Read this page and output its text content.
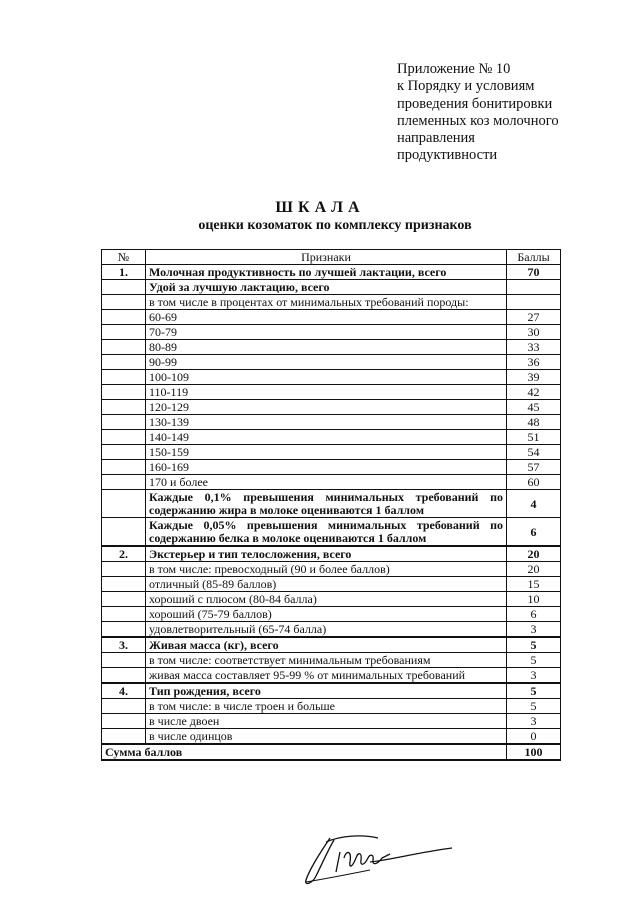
Приложение № 10
к Порядку и условиям
проведения бонитировки
племенных коз молочного
направления
продуктивности
ШКАЛА
оценки козоматок по комплексу признаков
№	Признаки	Баллы
1.	Молочная продуктивность по лучшей лактации, всего	70
	Удой за лучшую лактацию, всего	
	в том числе в процентах от минимальных требований породы:	
	60-69	27
	70-79	30
	80-89	33
	90-99	36
	100-109	39
	110-119	42
	120-129	45
	130-139	48
	140-149	51
	150-159	54
	160-169	57
	170 и более	60
	Каждые 0,1% превышения минимальных требований по содержанию жира в молоке оцениваются 1 баллом	4
	Каждые 0,05% превышения минимальных требований по содержанию белка в молоке оцениваются 1 баллом	6
2.	Экстерьер и тип телосложения, всего	20
	в том числе: превосходный (90 и более баллов)	20
	отличный (85-89 баллов)	15
	хороший с плюсом (80-84 балла)	10
	хороший (75-79 баллов)	6
	удовлетворительный (65-74 балла)	3
3.	Живая масса (кг), всего	5
	в том числе: соответствует минимальным требованиям	5
	живая масса составляет 95-99 % от минимальных требований	3
4.	Тип рождения, всего	5
	в том числе: в числе троен и больше	5
	в числе двоен	3
	в числе одинцов	0
Сумма баллов		100
